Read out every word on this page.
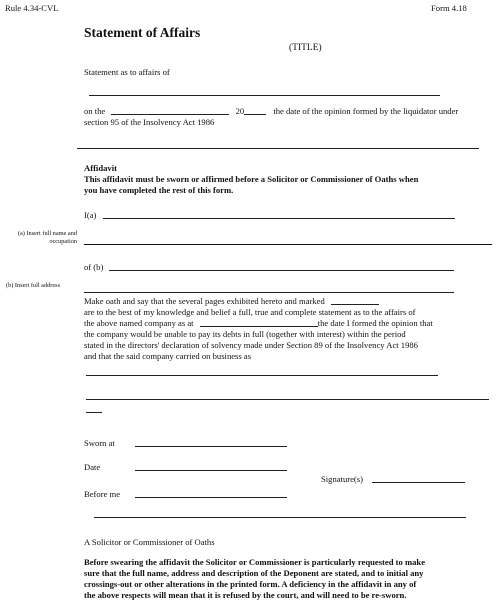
Rule 4.34-CVL	Form 4.18
Statement of Affairs
(TITLE)
Statement as to affairs of
on the	20	the date of the opinion formed by the liquidator under
section 95 of the Insolvency Act 1986
Affidavit
This affidavit must be sworn or affirmed before a Solicitor or Commissioner of Oaths when
you have completed the rest of this form.
I(a)
(a) Insert full name and
occupation
of (b)
(b) Insert full address
Make oath and say that the several pages exhibited hereto and marked
are to the best of my knowledge and belief a full, true and complete statement as to the affairs of
the above named company as at	the date I formed the opinion that
the company would be unable to pay its debts in full (together with interest) within the period
stated in the directors' declaration of solvency made under Section 89 of the Insolvency Act 1986
and that the said company carried on business as
Sworn at
Date
Signature(s)
Before me
A Solicitor or Commissioner of Oaths
Before swearing the affidavit the Solicitor or Commissioner is particularly requested to make
sure that the full name, address and description of the Deponent are stated, and to initial any
crossings-out or other alterations in the printed form. A deficiency in the affidavit in any of
the above respects will mean that it is refused by the court, and will need to be re-sworn.
